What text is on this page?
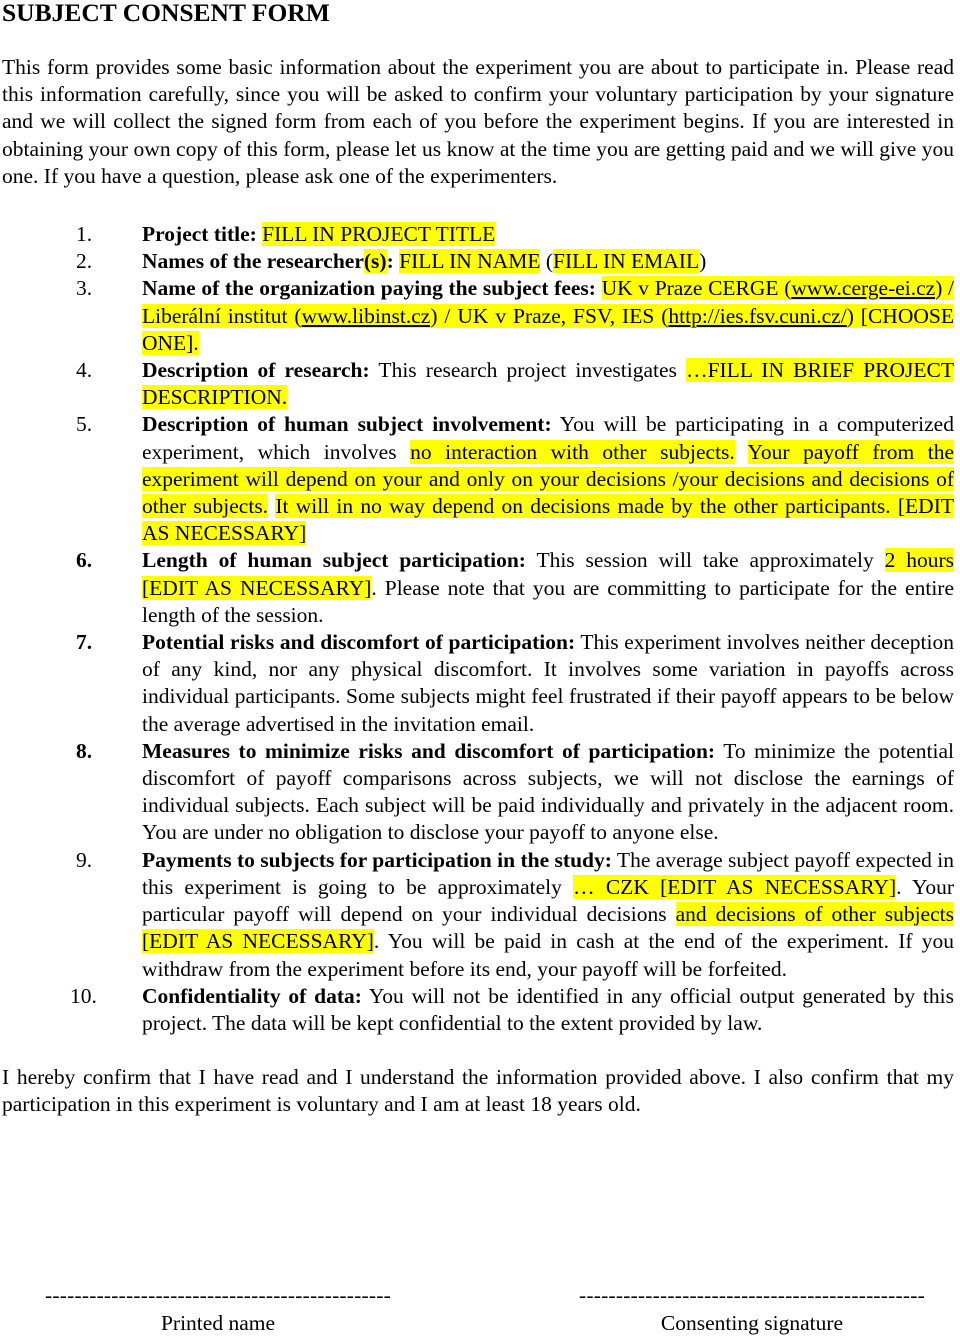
SUBJECT CONSENT FORM

This form provides some basic information about the experiment you are about to participate in. Please read this information carefully, since you will be asked to confirm your voluntary participation by your signature and we will collect the signed form from each of you before the experiment begins. If you are interested in obtaining your own copy of this form, please let us know at the time you are getting paid and we will give you one. If you have a question, please ask one of the experimenters.

1. Project title: FILL IN PROJECT TITLE
2. Names of the researcher(s): FILL IN NAME (FILL IN EMAIL)
3. Name of the organization paying the subject fees: UK v Praze CERGE (www.cerge-ei.cz) / Liberální institut (www.libinst.cz) / UK v Praze, FSV, IES (http://ies.fsv.cuni.cz/) [CHOOSE ONE].
4. Description of research: This research project investigates …FILL IN BRIEF PROJECT DESCRIPTION.
5. Description of human subject involvement: You will be participating in a computerized experiment, which involves no interaction with other subjects. Your payoff from the experiment will depend on your and only on your decisions /your decisions and decisions of other subjects. It will in no way depend on decisions made by the other participants. [EDIT AS NECESSARY]
6. Length of human subject participation: This session will take approximately 2 hours [EDIT AS NECESSARY]. Please note that you are committing to participate for the entire length of the session.
7. Potential risks and discomfort of participation: This experiment involves neither deception of any kind, nor any physical discomfort. It involves some variation in payoffs across individual participants. Some subjects might feel frustrated if their payoff appears to be below the average advertised in the invitation email.
8. Measures to minimize risks and discomfort of participation: To minimize the potential discomfort of payoff comparisons across subjects, we will not disclose the earnings of individual subjects. Each subject will be paid individually and privately in the adjacent room. You are under no obligation to disclose your payoff to anyone else.
9. Payments to subjects for participation in the study: The average subject payoff expected in this experiment is going to be approximately … CZK [EDIT AS NECESSARY]. Your particular payoff will depend on your individual decisions and decisions of other subjects [EDIT AS NECESSARY]. You will be paid in cash at the end of the experiment. If you withdraw from the experiment before its end, your payoff will be forfeited.
10. Confidentiality of data: You will not be identified in any official output generated by this project. The data will be kept confidential to the extent provided by law.

I hereby confirm that I have read and I understand the information provided above. I also confirm that my participation in this experiment is voluntary and I am at least 18 years old.

-----------------------------------------------
Printed name
-----------------------------------------------
Consenting signature
